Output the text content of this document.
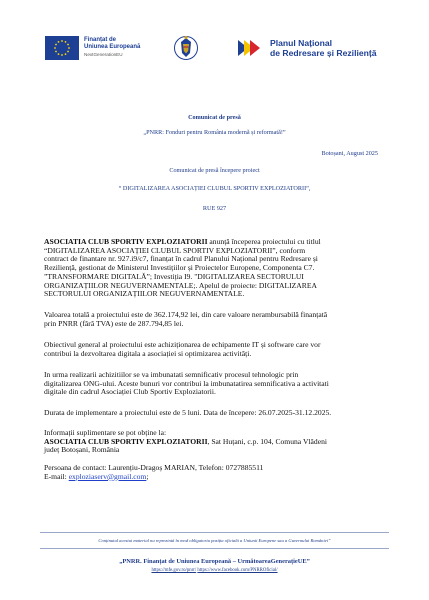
Finanțat de
Uniunea Europeană
NextGenerationEU
Planul Național
de Redresare și Reziliență
Comunicat de presă
„PNRR: Fonduri pentru România modernă și reformată!”
Botoșani, August 2025
Comunicat de presă începere proiect
“ DIGITALIZAREA ASOCIAȚIEI CLUBUL SPORTIV EXPLOZIATORII”,
RUE 927
ASOCIATIA CLUB SPORTIV EXPLOZIATORII anunță începerea proiectului cu titlul
“DIGITALIZAREA ASOCIAȚIEI CLUBUL SPORTIV EXPLOZIATORII”, conform
contract de finantare nr. 927.i9/c7, finanțat în cadrul Planului Național pentru Redresare și
Reziliență, gestionat de Ministerul Investițiilor și Proiectelor Europene, Componenta C7.
”TRANSFORMARE DIGITALĂ”; Investiția I9. "DIGITALIZAREA SECTORULUI
ORGANIZAȚIILOR NEGUVERNAMENTALE;. Apelul de proiecte: DIGITALIZAREA
SECTORULUI ORGANIZAȚIILOR NEGUVERNAMENTALE.
Valoarea totală a proiectului este de 362.174,92 lei, din care valoare nerambursabilă finanțată
prin PNRR (fără TVA) este de 287.794,85 lei.
Obiectivul general al proiectului este achiziționarea de echipamente IT și software care vor
contribui la dezvoltarea digitala a asociației si optimizarea activități.
In urma realizarii achizitiilor se va imbunatati semnificativ procesul tehnologic prin
digitalizarea ONG-ului. Aceste bunuri vor contribui la imbunatatirea semnificativa a activitati
digitale din cadrul Asociației Club Sportiv Exploziatorii.
Durata de implementare a proiectului este de 5 luni. Data de începere: 26.07.2025-31.12.2025.
Informații suplimentare se pot obține la:
ASOCIATIA CLUB SPORTIV EXPLOZIATORII, Sat Huțani, c.p. 104, Comuna Vlădeni
județ Botoșani, România
Persoana de contact: Laurențiu-Dragoș MARIAN, Telefon: 0727885511
E-mail: exploziaserv@gmail.com;
Conținutul acestui material nu reprezintă în mod obligatoriu poziția oficială a Uniunii Europene sau a Guvernului României”
„PNRR. Finanțat de Uniunea Europeană – UrmătoareaGenerațieUE”
https://mfe.gov.ro/pnrr/ https://www.facebook.com/PNRROficial/
